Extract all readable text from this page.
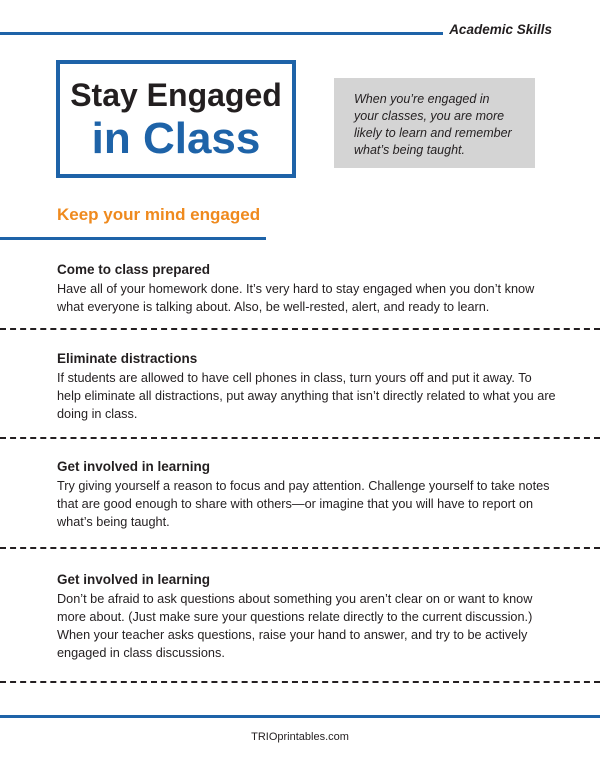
Academic Skills
Stay Engaged
in Class
When you’re engaged in your classes, you are more likely to learn and remember what’s being taught.
Keep your mind engaged
Come to class prepared
Have all of your homework done. It’s very hard to stay engaged when you don’t know what everyone is talking about. Also, be well-rested, alert, and ready to learn.
Eliminate distractions
If students are allowed to have cell phones in class, turn yours off and put it away. To help eliminate all distractions, put away anything that isn’t directly related to what you are doing in class.
Get involved in learning
Try giving yourself a reason to focus and pay attention. Challenge yourself to take notes that are good enough to share with others—or imagine that you will have to report on what’s being taught.
Get involved in learning
Don’t be afraid to ask questions about something you aren’t clear on or want to know more about. (Just make sure your questions relate directly to the current discussion.) When your teacher asks questions, raise your hand to answer, and try to be actively engaged in class discussions.
TRIOprintables.com
